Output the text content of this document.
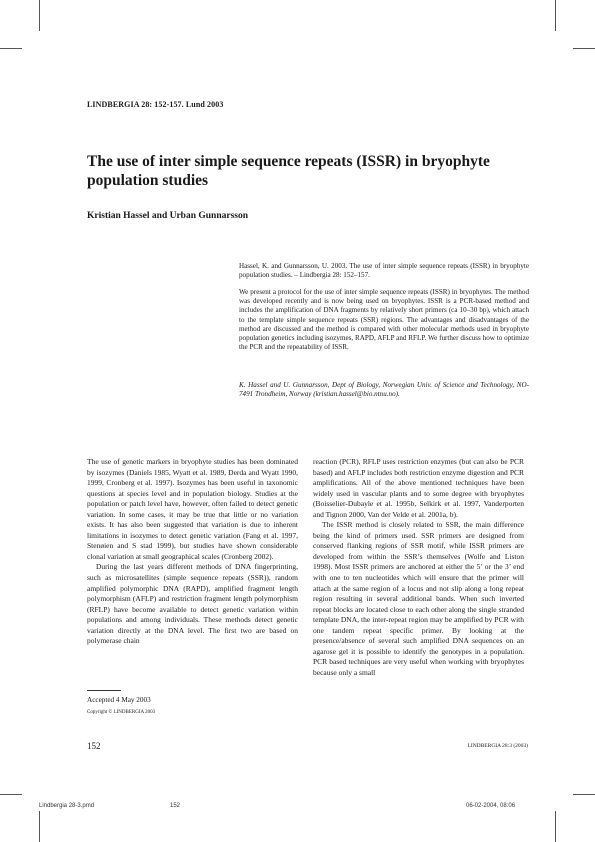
LINDBERGIA 28: 152-157. Lund 2003
The use of inter simple sequence repeats (ISSR) in bryophyte population studies
Kristian Hassel and Urban Gunnarsson
Hassel, K. and Gunnarsson, U. 2003. The use of inter simple sequence repeats (ISSR) in bryophyte population studies. – Lindbergia 28: 152–157.
We present a protocol for the use of inter simple sequence repeats (ISSR) in bryophytes. The method was developed recently and is now being used on bryophytes. ISSR is a PCR-based method and includes the amplification of DNA fragments by relatively short primers (ca 10–30 bp), which attach to the template simple sequence repeats (SSR) regions. The advantages and disadvantages of the method are discussed and the method is compared with other molecular methods used in bryophyte population genetics including isozymes, RAPD, AFLP and RFLP. We further discuss how to optimize the PCR and the repeatability of ISSR.
K. Hassel and U. Gunnarsson, Dept of Biology, Norwegian Univ. of Science and Technology, NO-7491 Trondheim, Norway (kristian.hassel@bio.ntnu.no).

The use of genetic markers in bryophyte studies has been dominated by isozymes (Daniels 1985, Wyatt et al. 1989, Derda and Wyatt 1990, 1999, Cronberg et al. 1997). Isozymes has been useful in taxonomic questions at species level and in population biology. Studies at the population or patch level have, however, often failed to detect genetic variation. In some cases, it may be true that little or no variation exists. It has also been suggested that variation is due to inherent limitations in isozymes to detect genetic variation (Fang et al. 1997, Stenøien and S stad 1999), but studies have shown considerable clonal variation at small geographical scales (Cronberg 2002).

During the last years different methods of DNA fingerprinting, such as microsatellites (simple sequence repeats (SSR)), random amplified polymorphic DNA (RAPD), amplified fragment length polymorphism (AFLP) and restriction fragment length polymorphism (RFLP) have become available to detect genetic variation within populations and among individuals. These methods detect genetic variation directly at the DNA level. The first two are based on polymerase chain

reaction (PCR), RFLP uses restriction enzymes (but can also be PCR based) and AFLP includes both restriction enzyme digestion and PCR amplifications. All of the above mentioned techniques have been widely used in vascular plants and to some degree with bryophytes (Boisselier-Dubayle et al. 1995b, Selkirk et al. 1997, Vanderporten and Tignon 2000, Van der Velde et al. 2001a, b).

The ISSR method is closely related to SSR, the main difference being the kind of primers used. SSR primers are designed from conserved flanking regions of SSR motif, while ISSR primers are developed from within the SSR’s themselves (Wolfe and Liston 1998). Most ISSR primers are anchored at either the 5’ or the 3’ end with one to ten nucleotides which will ensure that the primer will attach at the same region of a locus and not slip along a long repeat region resulting in several additional bands. When such inverted repeat blocks are located close to each other along the single stranded template DNA, the inter-repeat region may be amplified by PCR with one tandem repeat specific primer. By looking at the presence/absence of several such amplified DNA sequences on an agarose gel it is possible to identify the genotypes in a population. PCR based techniques are very useful when working with bryophytes because only a small

Accepted 4 May 2003
Copyright © LINDBERGIA 2003
152	LINDBERGIA 28:3 (2003)
Lindbergia 28-3.pmd	152	06-02-2004, 08:06
